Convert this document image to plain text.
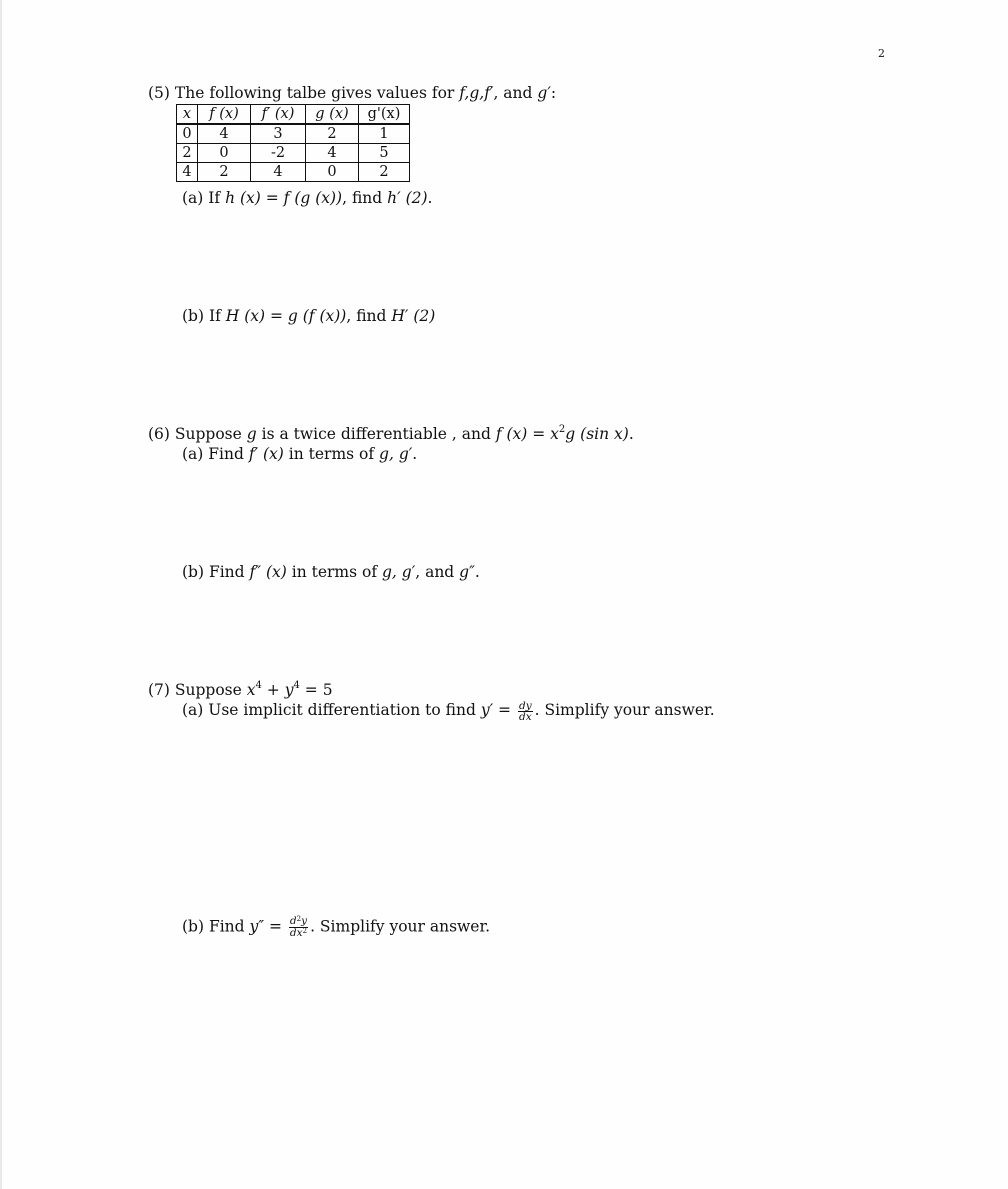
2
(5) The following talbe gives values for f,g,f′, and g′:
x	f (x)	f′ (x)	g (x)	g'(x)
0	4	3	2	1
2	0	-2	4	5
4	2	4	0	2
(a) If h (x) = f (g (x)), find h′ (2).
(b) If H (x) = g (f (x)), find H′ (2)
(6) Suppose g is a twice differentiable , and f $(x) = x^2g$ (sin x).
(a) Find f′ (x) in terms of g, g′.
(b) Find f″ (x) in terms of g, g′, and g″.
(7) Suppose $x^4 + y^4 = 5$
(a) Use implicit differentiation to find $y' = \frac{dy}{dx}$ . Simplify your answer.
(b) Find $y'' = \frac{d^2y}{dx^2}$ . Simplify your answer.
